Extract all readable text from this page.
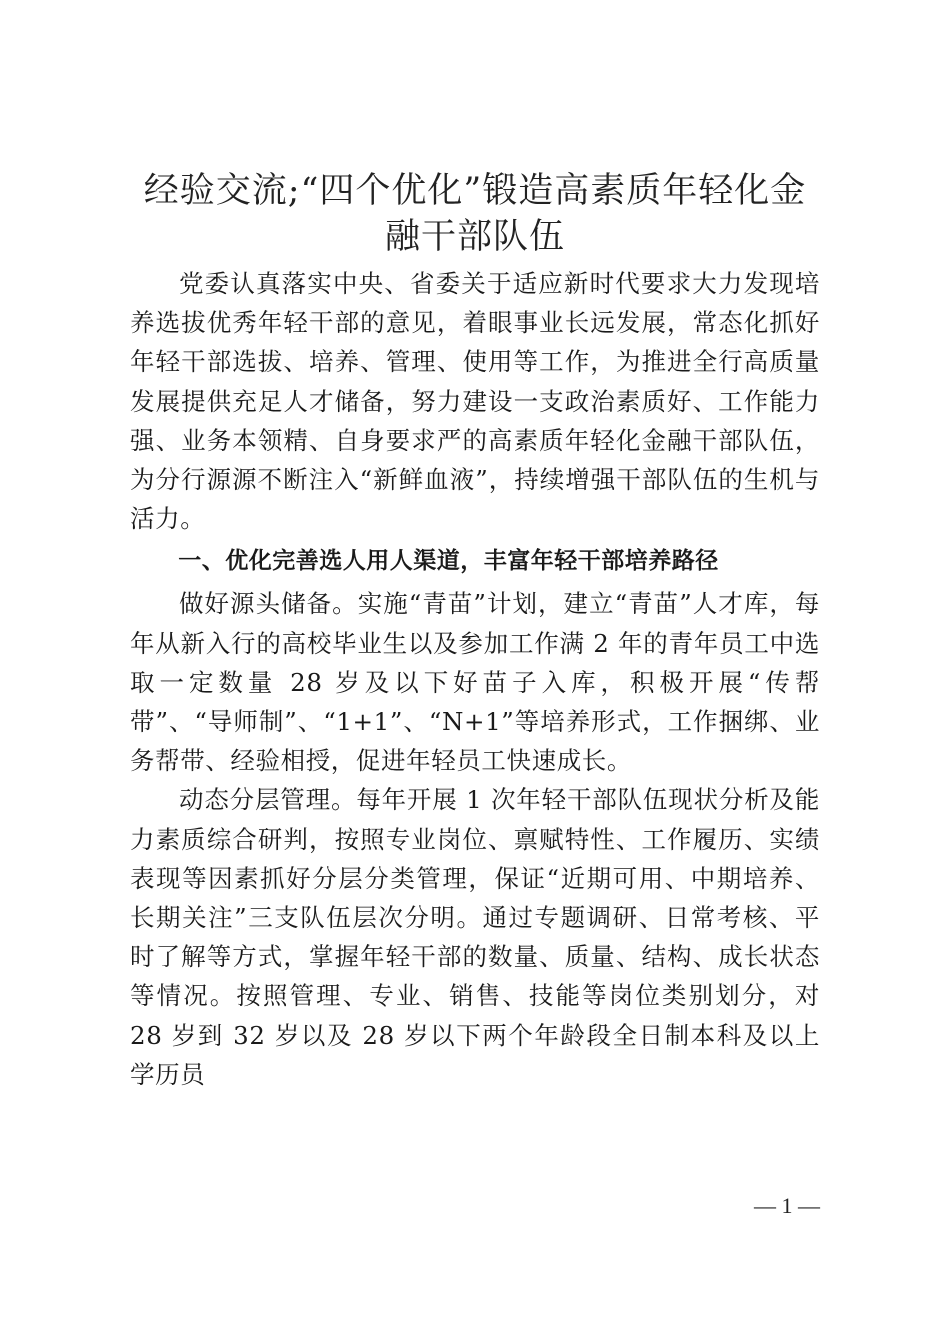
经验交流;“四个优化”锻造高素质年轻化金融干部队伍

党委认真落实中央、省委关于适应新时代要求大力发现培养选拔优秀年轻干部的意见，着眼事业长远发展，常态化抓好年轻干部选拔、培养、管理、使用等工作，为推进全行高质量发展提供充足人才储备，努力建设一支政治素质好、工作能力强、业务本领精、自身要求严的高素质年轻化金融干部队伍，为分行源源不断注入“新鲜血液”，持续增强干部队伍的生机与活力。

一、优化完善选人用人渠道，丰富年轻干部培养路径

做好源头储备。实施“青苗”计划，建立“青苗”人才库，每年从新入行的高校毕业生以及参加工作满 2 年的青年员工中选取一定数量 28 岁及以下好苗子入库，积极开展“传帮带”、“导师制”、“1+1”、“N+1”等培养形式，工作捆绑、业务帮带、经验相授，促进年轻员工快速成长。

动态分层管理。每年开展 1 次年轻干部队伍现状分析及能力素质综合研判，按照专业岗位、禀赋特性、工作履历、实绩表现等因素抓好分层分类管理，保证“近期可用、中期培养、长期关注”三支队伍层次分明。通过专题调研、日常考核、平时了解等方式，掌握年轻干部的数量、质量、结构、成长状态等情况。按照管理、专业、销售、技能等岗位类别划分，对 28 岁到 32 岁以及 28 岁以下两个年龄段全日制本科及以上学历员

— 1 —
